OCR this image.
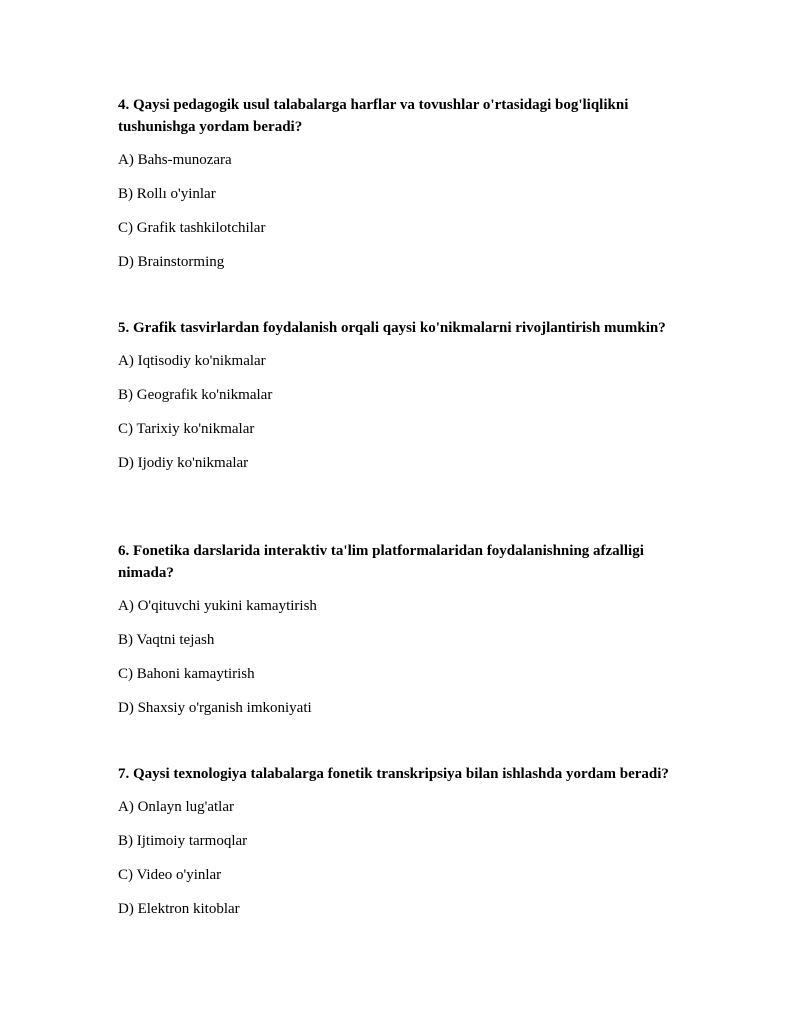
4. Qaysi pedagogik usul talabalarga harflar va tovushlar o'rtasidagi bog'liqlikni tushunishga yordam beradi?

A) Bahs-munozara
B) Rollı o'yinlar
C) Grafik tashkilotchilar
D) Brainstorming

5. Grafik tasvirlardan foydalanish orqali qaysi ko'nikmalarni rivojlantirish mumkin?

A) Iqtisodiy ko'nikmalar
B) Geografik ko'nikmalar
C) Tarixiy ko'nikmalar
D) Ijodiy ko'nikmalar

6. Fonetika darslarida interaktiv ta'lim platformalaridan foydalanishning afzalligi nimada?

A) O'qituvchi yukini kamaytirish
B) Vaqtni tejash
C) Bahoni kamaytirish
D) Shaxsiy o'rganish imkoniyati

7. Qaysi texnologiya talabalarga fonetik transkripsiya bilan ishlashda yordam beradi?

A) Onlayn lug'atlar
B) Ijtimoiy tarmoqlar
C) Video o'yinlar
D) Elektron kitoblar
